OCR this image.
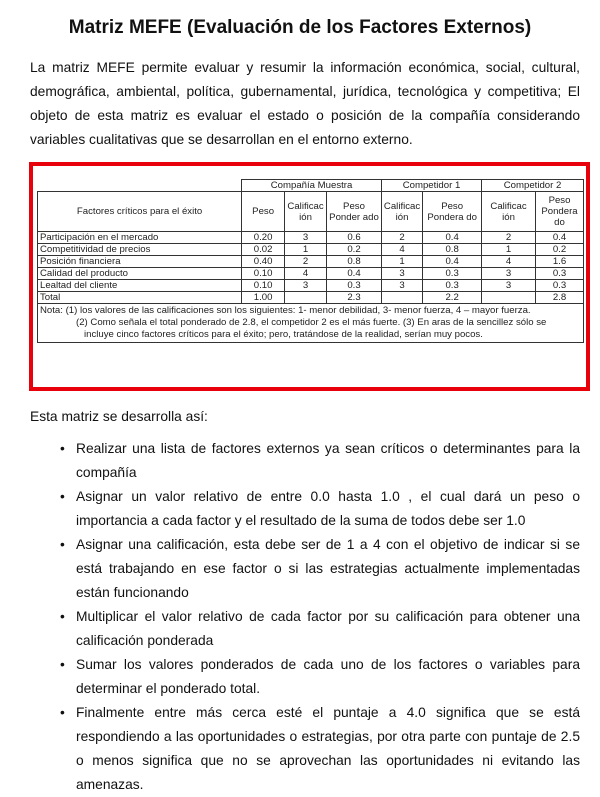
Matriz MEFE (Evaluación de los Factores Externos)

La matriz MEFE permite evaluar y resumir la información económica, social, cultural, demográfica, ambiental, política, gubernamental, jurídica, tecnológica y competitiva; El objeto de esta matriz es evaluar el estado o posición de la compañía considerando variables cualitativas que se desarrollan en el entorno externo.

	Compañía Muestra			Competidor 1		Competidor 2	
Factores críticos para el éxito	Peso	Calificac ión	Peso Ponder ado	Calificac ión	Peso Pondera do	Calificac ión	Peso Pondera do
Participación en el mercado	0.20	3	0.6	2	0.4	2	0.4
Competitividad de precios	0.02	1	0.2	4	0.8	1	0.2
Posición financiera	0.40	2	0.8	1	0.4	4	1.6
Calidad del producto	0.10	4	0.4	3	0.3	3	0.3
Lealtad del cliente	0.10	3	0.3	3	0.3	3	0.3
Total	1.00		2.3		2.2		2.8

Nota: (1) los valores de las calificaciones son los siguientes: 1- menor debilidad, 3- menor fuerza, 4 – mayor fuerza.
(2) Como señala el total ponderado de 2.8, el competidor 2 es el más fuerte. (3) En aras de la sencillez sólo se
incluye cinco factores críticos para el éxito; pero, tratándose de la realidad, serían muy pocos.							

Esta matriz se desarrolla así:

• Realizar una lista de factores externos ya sean críticos o determinantes para la compañía
• Asignar un valor relativo de entre 0.0 hasta 1.0 , el cual dará un peso o importancia a cada factor y el resultado de la suma de todos debe ser 1.0
• Asignar una calificación, esta debe ser de 1 a 4 con el objetivo de indicar si se está trabajando en ese factor o si las estrategias actualmente implementadas están funcionando
• Multiplicar el valor relativo de cada factor por su calificación para obtener una calificación ponderada
• Sumar los valores ponderados de cada uno de los factores o variables para determinar el ponderado total.
• Finalmente entre más cerca esté el puntaje a 4.0 significa que se está respondiendo a las oportunidades o estrategias, por otra parte con puntaje de 2.5 o menos significa que no se aprovechan las oportunidades ni evitando las amenazas.
